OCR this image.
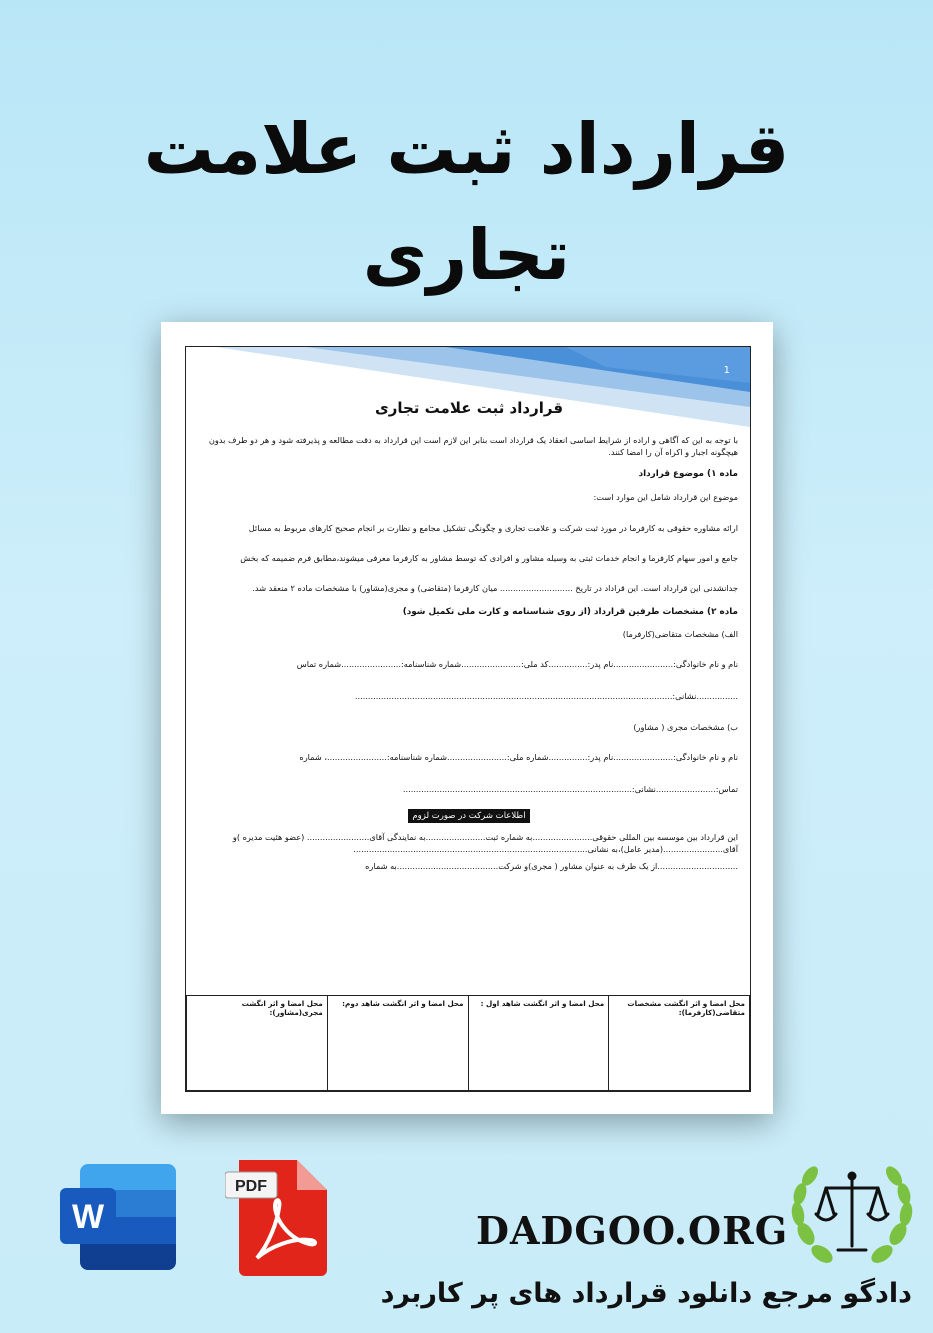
قرارداد ثبت علامت
تجاری
1
قرارداد ثبت علامت تجاری

با توجه به این که آگاهی و اراده از شرایط اساسی انعقاد یک قرارداد است بنابر این لازم است این قرارداد به دقت مطالعه و پذیرفته شود و هر دو طرف بدون هیچگونه اجبار و اکراه آن را امضا کنند.

ماده ۱) موضوع قرارداد

موضوع این قرارداد شامل این موارد است:

ارائه مشاوره حقوقی به کارفرما در مورد ثبت شرکت و علامت تجاری و چگونگی تشکیل مجامع و نظارت بر انجام صحیح کارهای مربوط به مسائل

جامع و امور سهام کارفرما و انجام خدمات ثبتی به وسیله مشاور و افرادی که توسط مشاور به کارفرما معرفی میشوند،مطابق فرم ضمیمه که بخش

جدانشدنی این قرارداد است. این قراداد در تاریخ ............................ میان کارفرما (متقاضی) و مجری(مشاور) با مشخصات ماده ۲ منعقد شد.

ماده ۲) مشخصات طرفین قرارداد (از روی شناسنامه و کارت ملی تکمیل شود)

الف) مشخصات متقاضی(کارفرما)

نام و نام خانوادگی:.......................نام پدر:...............کد ملی:.......................شماره شناسنامه:.......................شماره تماس

................نشانی:..........................................................................................................................

ب) مشخصات مجری ( مشاور)

نام و نام خانوادگی:.......................نام پدر:...............شماره ملی:.......................شماره شناسنامه:.......................، شماره

تماس:.......................نشانی:........................................................................................

اطلاعات شرکت در صورت لزوم

این قرارداد بین موسسه بین المللی حقوقی.......................به شماره ثبت.......................به نمایندگی آقای........................ (عضو هئیت مدیره )و

آقای.......................(مدیر عامل)،به نشانی..........................................................................................

...............................از یک طرف به عنوان مشاور ( مجری)و شرکت.......................................به شماره

محل امضا و اثر انگشت مشخصات متقاضی(کارفرما):	محل امضا و اثر انگشت شاهد اول :	محل امضا و اثر انگشت شاهد دوم:	محل امضا و اثر انگشت مجری(مشاور):
W
PDF
DADGOO.ORG
دادگو مرجع دانلود قرارداد های پر کاربرد
